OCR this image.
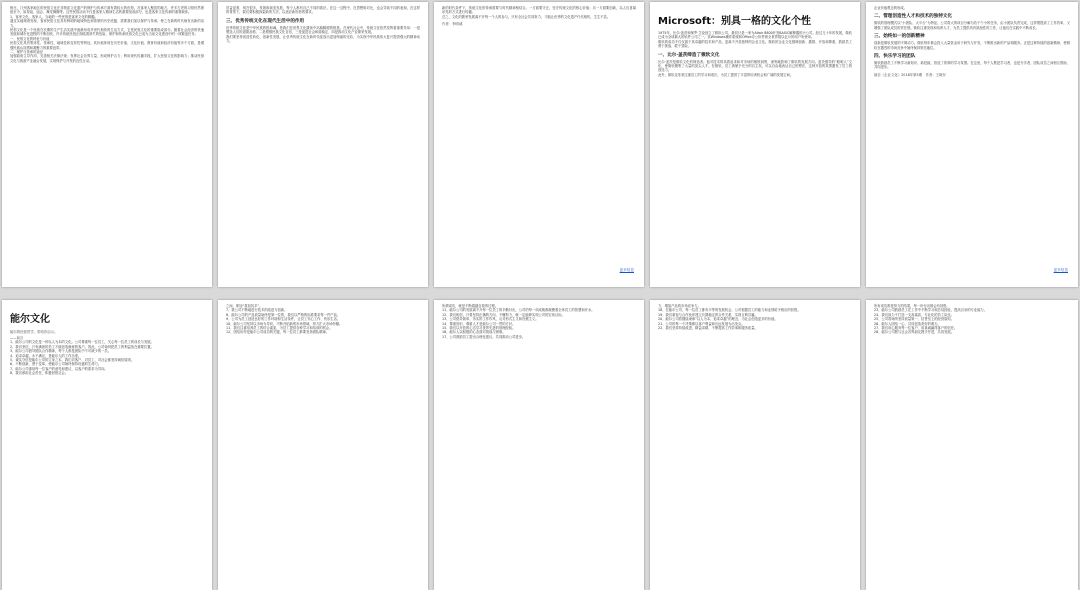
相比，汀州客家地区的民俗文化在非物质文化遗产的保护与传承方面有着较大的优势。在客家人聚居的地方，许多古老的习俗仍然保留至今，如祭祖、庙会、舞龙舞狮等。这些民俗活动不仅是客家人精神生活的重要组成部分，也是客家文化传承的重要载体。
1、客家文化，客家人，当地的一些民俗是客家文化的精髓。
通过实地调查发现，客家民俗文化具有鲜明的地域特色和浓厚的历史底蕴，需要我们加以保护与传承，使之在新的时代焕发出新的活力。
民俗文化是一个民族在长期的生产生活实践中逐渐形成并世代相传的生活方式，它是民族文化的重要组成部分。随着社会经济的快速发展和城市化进程的不断加快，许多传统民俗正面临着消失的危险，保护和传承民俗文化已成为当前文化建设中的一项紧迫任务。
一、民俗文化的特征与价值
民俗文化具有集体性、传承性、地域性和变异性等特征。其价值体现在历史价值、文化价值、教育价值和经济价值等多个方面，是增强民族认同感和凝聚力的重要纽带。
二、保护与传承的途径
加强政府主导作用，完善相关法律法规；发挥社会各界力量，形成保护合力；利用现代传播手段，扩大民俗文化的影响力；推动民俗文化与旅游产业融合发展，实现保护与开发的良性互动。
效益显著，现在很多，发展和演变发展，每个人都有自己不同的看法。在这一过程中，在思想和对比，也会导致不同的表现。在这样的背景下，我们要积极探索新的方法，以适应新形势的要求。
三、优秀传统文化在现代生活中的作用
优秀传统文化是中华民族的根和魂，是我们在世界文化激荡中站稳脚跟的根基。在现代社会中，传统文化依然发挥着重要作用：一是塑造人们的道德品格，二是增强民族文化自信，三是促进社会和谐稳定，四是推动文化产业繁荣发展。
我们要坚持创造性转化、创新性发展，让优秀传统文化在新时代绽放出更加绚丽的光彩，为实现中华民族伟大复兴提供强大的精神动力。
新的时代条件下，传统文化的传承需要与时代精神相结合。一方面要守正，坚守传统文化的核心价值；另一方面要创新，以人们喜闻乐见的方式进行传播。
总之，文化的繁荣发展离不开每一个人的参与。只有全社会共同努力，才能让优秀的文化遗产代代相传，生生不息。
作者：李明诚
更多信息
Microsoft：别具一格的文化个性
1975年，比尔·盖茨和保罗·艾伦创立了微软公司，最初只是一家为Altair 8800开发BASIC解释器的小公司。经过几十年的发展，微软已成为全球最大的软件公司之一，其Windows操作系统和Office办公软件被全世界数以亿计的用户所使用。
微软的成功不仅仅源于其卓越的技术和产品，更离不开其独特的企业文化。微软的企业文化强调创新、激情、开放和尊重，鼓励员工勇于挑战、敢于冒险。
一、比尔·盖茨缔造了微软文化
比尔·盖茨是微软文化的缔造者。他对技术的执着追求和对市场的敏锐洞察，深刻地影响了微软的发展方向。盖茨倡导的“聪明人”文化，使微软聚集了大量的顶尖人才。在微软，员工被赋予充分的自主权，可以自由地表达自己的想法，这种开放的氛围激发了员工的创造力。
此外，微软还非常注重员工的学习和成长，为员工提供了丰富的培训机会和广阔的发展空间。
企业价值观念的形成。
二、管理创造性人才和技术的独特文化
微软的管理模式以“小团队、大平台”为特征。公司将大的项目分解为若干个小的任务，由小团队负责完成，这样既提高了工作效率，又增强了团队成员的责任感。微软注重发现和培养人才，为员工提供具有挑战性的工作，让他们在实践中不断成长。
三、始终如一的创新精神
创新是微软发展的不竭动力。微软每年都会投入大量资金用于研究与开发，不断推出新的产品和服务。正是这种持续的创新精神，使微软在激烈的市场竞争中始终保持领先地位。
四、快乐学习的团队
微软鼓励员工不断学习新知识、新技能，营造了浓厚的学习氛围。在这里，每个人既是学习者，也是分享者，团队成员之间相互帮助、共同进步。
摘自《企业文化》2018年第5期　作者：王晓东
更多信息
能尔文化
能尔的经营哲学，带给你启示。
——前言
1、能尔公司的文化是一种以人为本的文化。公司尊重每一位员工，关心每一位员工的成长与发展。
2、我们坚信，只有满意的员工才能创造满意的客户。因此，公司始终把员工的利益放在重要位置。
3、能尔公司倡导团队合作精神，每个人都是团队中不可缺少的一员。
4、追求卓越，永不满足，是能尔人的工作态度。
5、诚实守信是能尔公司的立身之本，我们对客户、对员工、对社会都坚持诚信原则。
6、不断创新，勇于变革，使能尔公司始终保持旺盛的生命力。
7、能尔公司重视每一位客户的意见和建议，以客户的需求为导向。
8、我们承担社会责任，积极回报社会。
之间，即加“将加其多”。
7、我公司不断地进行技术的改进与创新。
8、能尔公司的产品质量始终是第一位的，我们以严格的标准要求每一件产品。
9、公司为员工创造良好的工作环境和生活条件，让员工安心工作、快乐生活。
10、能尔公司坚持以市场为导向，不断开拓新的市场领域，努力扩大市场份额。
11、我们注重培养员工的综合素质，为员工提供各种学习和培训的机会。
12、团结协作是能尔公司成功的关键，每一位员工都要发扬团队精神。
所谓成功，就是不断超越自我的过程。
11、能尔公司的发展离不开每一位员工的辛勤付出，公司的每一项成就都凝聚着全体员工的智慧和汗水。
12、我们相信，只要坚持正确的方向，不懈努力，就一定能够实现公司的宏伟目标。
13、公司倡导简单、务实的工作作风，反对形式主义和官僚主义。
14、尊重知识、尊重人才是能尔公司一贯的方针。
15、我们以开放的心态学习世界先进的管理经验。
16、能尔人以积极的心态面对挑战与困难。
17、公司鼓励员工提出合理化建议，共同推动公司进步。
力，增加产品的市场竞争力。
18、在能尔公司，每一位员工都有平等的发展机会，公司根据员工的能力和业绩给予相应的回报。
19、我们重视与合作伙伴建立长期稳定的合作关系，实现互利共赢。
20、能尔公司将继续秉承“以人为本、追求卓越”的理念，为社会创造更多的价值。
21、公司的每一个决策都以客户利益和长远发展为出发点。
22、我们坚持持续改进，精益求精，不断提高工作效率和服务质量。
所有成功都是努力的结果，每一份付出都会有回报。
23、能尔公司鼓励员工在工作中不断学习和总结经验，提高自身的专业能力。
24、我们致力于打造一支高素质、专业化的员工队伍。
25、公司将始终坚持质量第一、信誉至上的经营原则。
26、能尔人团结一心，共同创造美好的明天。
27、我们用心服务每一位客户，用真诚赢得客户的信任。
28、能尔公司愿与社会各界朋友携手并进，共同发展。
